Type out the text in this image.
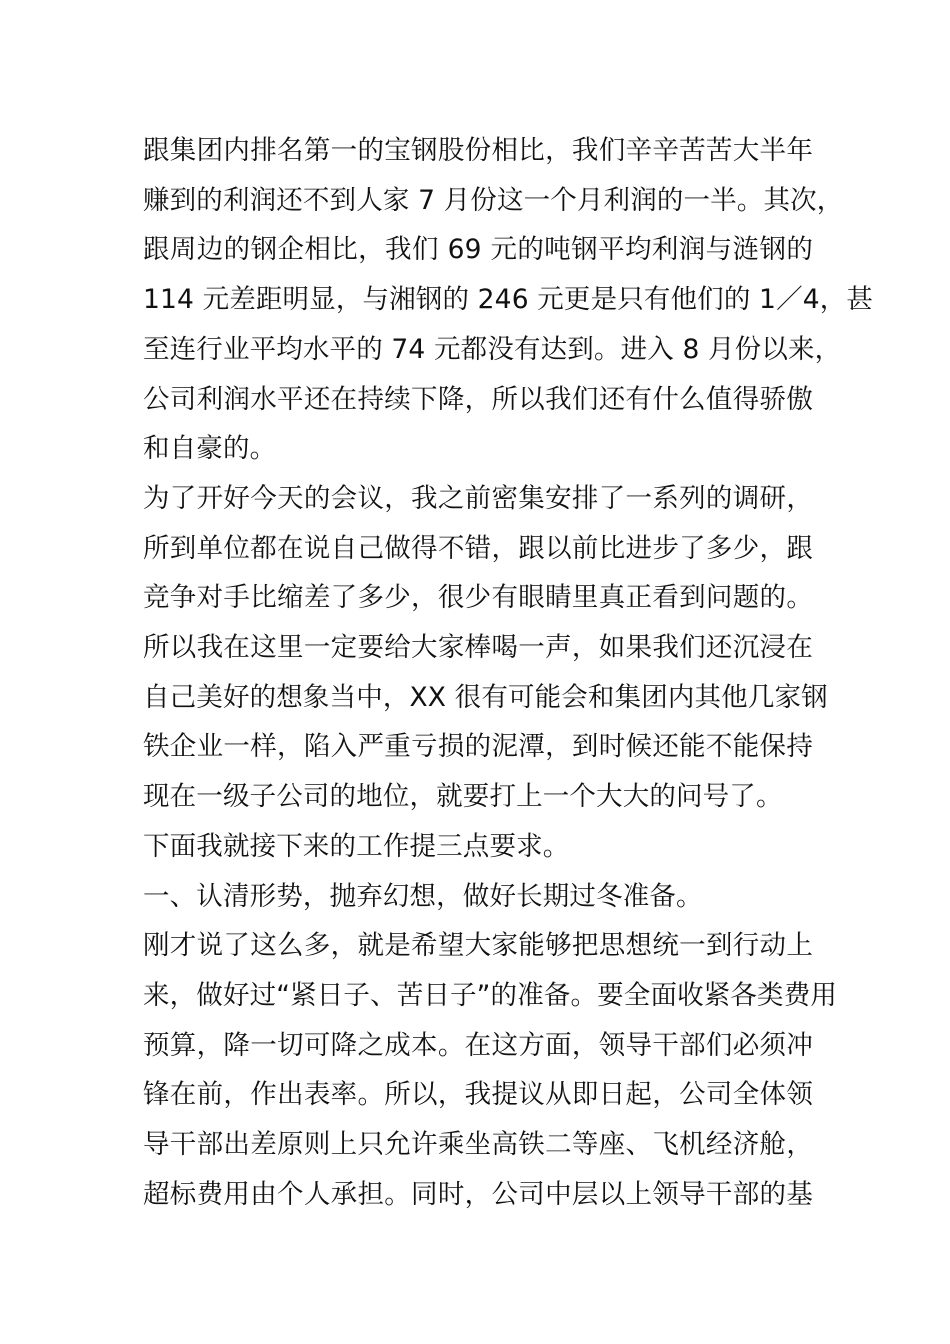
跟集团内排名第一的宝钢股份相比，我们辛辛苦苦大半年
赚到的利润还不到人家 7 月份这一个月利润的一半。其次，
跟周边的钢企相比，我们 69 元的吨钢平均利润与涟钢的
114 元差距明显，与湘钢的 246 元更是只有他们的 1／4，甚
至连行业平均水平的 74 元都没有达到。进入 8 月份以来，
公司利润水平还在持续下降，所以我们还有什么值得骄傲
和自豪的。
为了开好今天的会议，我之前密集安排了一系列的调研，
所到单位都在说自己做得不错，跟以前比进步了多少，跟
竞争对手比缩差了多少，很少有眼睛里真正看到问题的。
所以我在这里一定要给大家棒喝一声，如果我们还沉浸在
自己美好的想象当中，XX 很有可能会和集团内其他几家钢
铁企业一样，陷入严重亏损的泥潭，到时候还能不能保持
现在一级子公司的地位，就要打上一个大大的问号了。
下面我就接下来的工作提三点要求。
一、认清形势，抛弃幻想，做好长期过冬准备。
刚才说了这么多，就是希望大家能够把思想统一到行动上
来，做好过“紧日子、苦日子”的准备。要全面收紧各类费用
预算，降一切可降之成本。在这方面，领导干部们必须冲
锋在前，作出表率。所以，我提议从即日起，公司全体领
导干部出差原则上只允许乘坐高铁二等座、飞机经济舱，
超标费用由个人承担。同时，公司中层以上领导干部的基
